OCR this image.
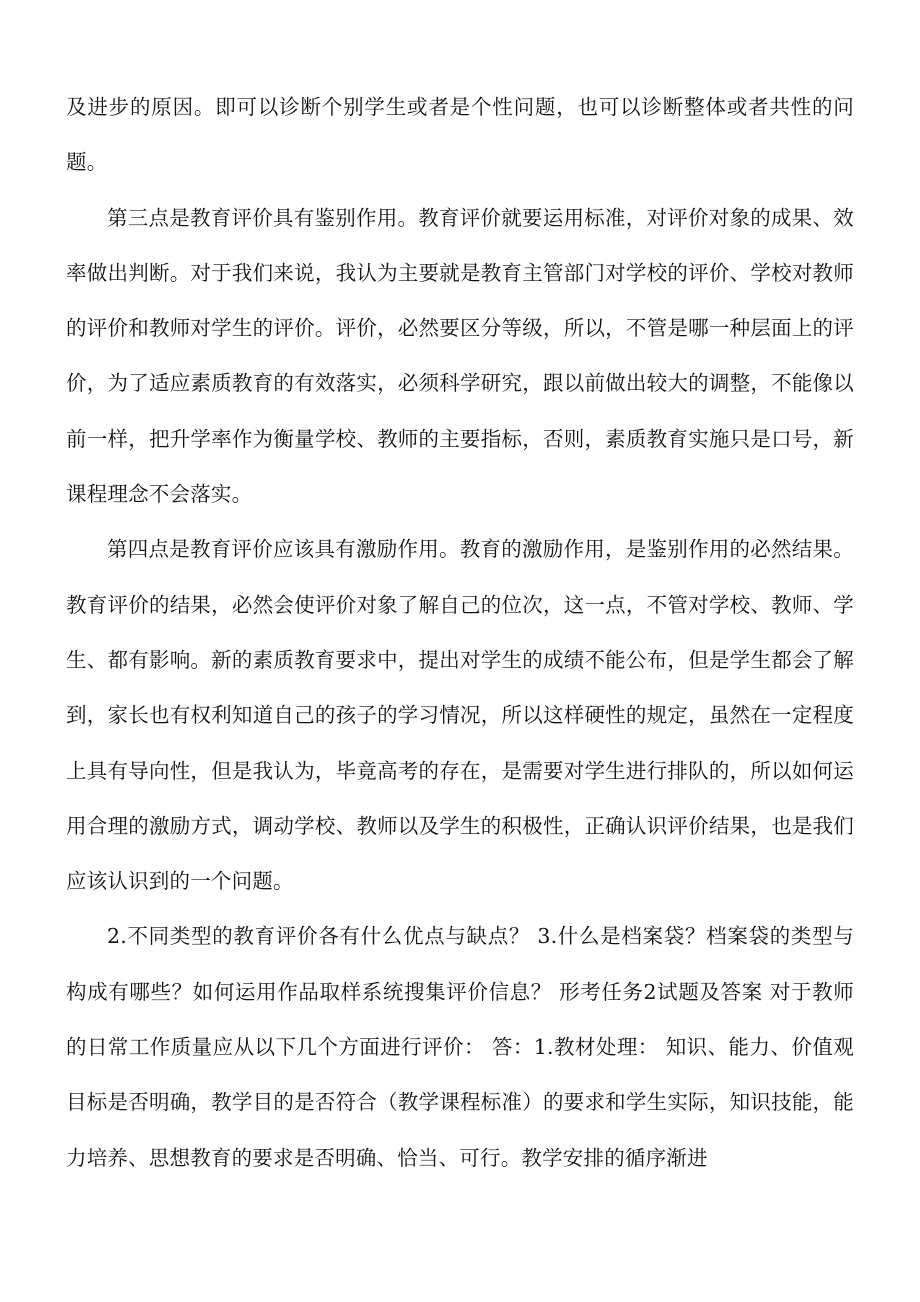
及进步的原因。即可以诊断个别学生或者是个性问题，也可以诊断整体或者共性的问题。

第三点是教育评价具有鉴别作用。教育评价就要运用标准，对评价对象的成果、效率做出判断。对于我们来说，我认为主要就是教育主管部门对学校的评价、学校对教师的评价和教师对学生的评价。评价，必然要区分等级，所以，不管是哪一种层面上的评价，为了适应素质教育的有效落实，必须科学研究，跟以前做出较大的调整，不能像以前一样，把升学率作为衡量学校、教师的主要指标，否则，素质教育实施只是口号，新课程理念不会落实。

第四点是教育评价应该具有激励作用。教育的激励作用，是鉴别作用的必然结果。教育评价的结果，必然会使评价对象了解自己的位次，这一点，不管对学校、教师、学生、都有影响。新的素质教育要求中，提出对学生的成绩不能公布，但是学生都会了解到，家长也有权利知道自己的孩子的学习情况，所以这样硬性的规定，虽然在一定程度上具有导向性，但是我认为，毕竟高考的存在，是需要对学生进行排队的，所以如何运用合理的激励方式，调动学校、教师以及学生的积极性，正确认识评价结果，也是我们应该认识到的一个问题。

2.不同类型的教育评价各有什么优点与缺点？ 3.什么是档案袋？档案袋的类型与构成有哪些？如何运用作品取样系统搜集评价信息？ 形考任务2试题及答案 对于教师的日常工作质量应从以下几个方面进行评价： 答：1.教材处理： 知识、能力、价值观目标是否明确，教学目的是否符合（教学课程标准）的要求和学生实际，知识技能，能力培养、思想教育的要求是否明确、恰当、可行。教学安排的循序渐进
